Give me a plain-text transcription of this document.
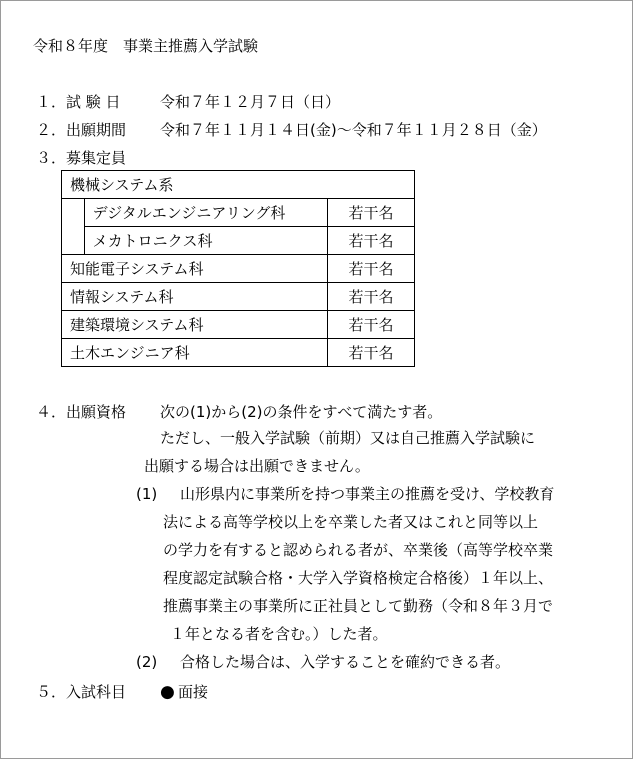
令和８年度　事業主推薦入学試験
１．試 験 日	令和７年１２月７日（日）
２．出願期間 令和７年１１月１４日(金)〜令和７年１１月２８日（金）
３．募集定員
機械システム系		
	デジタルエンジニアリング科	若干名
	メカトロニクス科	若干名
知能電子システム科		若干名
情報システム科		若干名
建築環境システム科		若干名
土木エンジニア科		若干名
４．出願資格 次の(1)から(2)の条件をすべて満たす者。
ただし、一般入学試験（前期）又は自己推薦入学試験に
出願する場合は出願できません。
(1) 山形県内に事業所を持つ事業主の推薦を受け、学校教育
法による高等学校以上を卒業した者又はこれと同等以上
の学力を有すると認められる者が、卒業後（高等学校卒業
程度認定試験合格・大学入学資格検定合格後）１年以上、
推薦事業主の事業所に正社員として勤務（令和８年３月で
１年となる者を含む。）した者。
(2) 合格した場合は、入学することを確約できる者。
５．入試科目 ● 面接
